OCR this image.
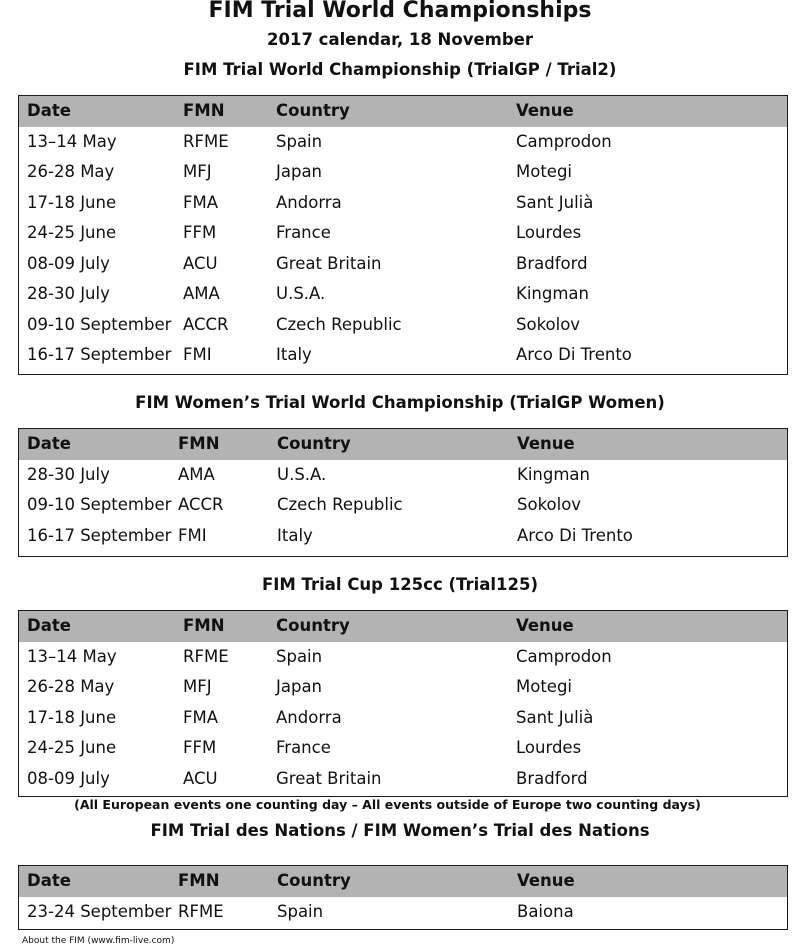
FIM Trial World Championships
2017 calendar, 18 November
FIM Trial World Championship (TrialGP / Trial2)
Date	FMN	Country	Venue
13–14 May	RFME	Spain	Camprodon
26-28 May	MFJ	Japan	Motegi
17-18 June	FMA	Andorra	Sant Julià
24-25 June	FFM	France	Lourdes
08-09 July	ACU	Great Britain	Bradford
28-30 July	AMA	U.S.A.	Kingman
09-10 September ACCR	Czech Republic	Sokolov
16-17 September FMI	Italy	Arco Di Trento
FIM Women’s Trial World Championship (TrialGP Women)
Date	FMN	Country	Venue
28-30 July	AMA	U.S.A.	Kingman
09-10 September ACCR	Czech Republic	Sokolov
16-17 September FMI	Italy	Arco Di Trento
FIM Trial Cup 125cc (Trial125)
Date	FMN	Country	Venue
13–14 May	RFME	Spain	Camprodon
26-28 May	MFJ	Japan	Motegi
17-18 June	FMA	Andorra	Sant Julià
24-25 June	FFM	France	Lourdes
08-09 July	ACU	Great Britain	Bradford
(All European events one counting day – All events outside of Europe two counting days)
FIM Trial des Nations / FIM Women’s Trial des Nations
Date	FMN	Country	Venue
23-24 September RFME	Spain	Baiona
About the FIM (www.fim-live.com)
